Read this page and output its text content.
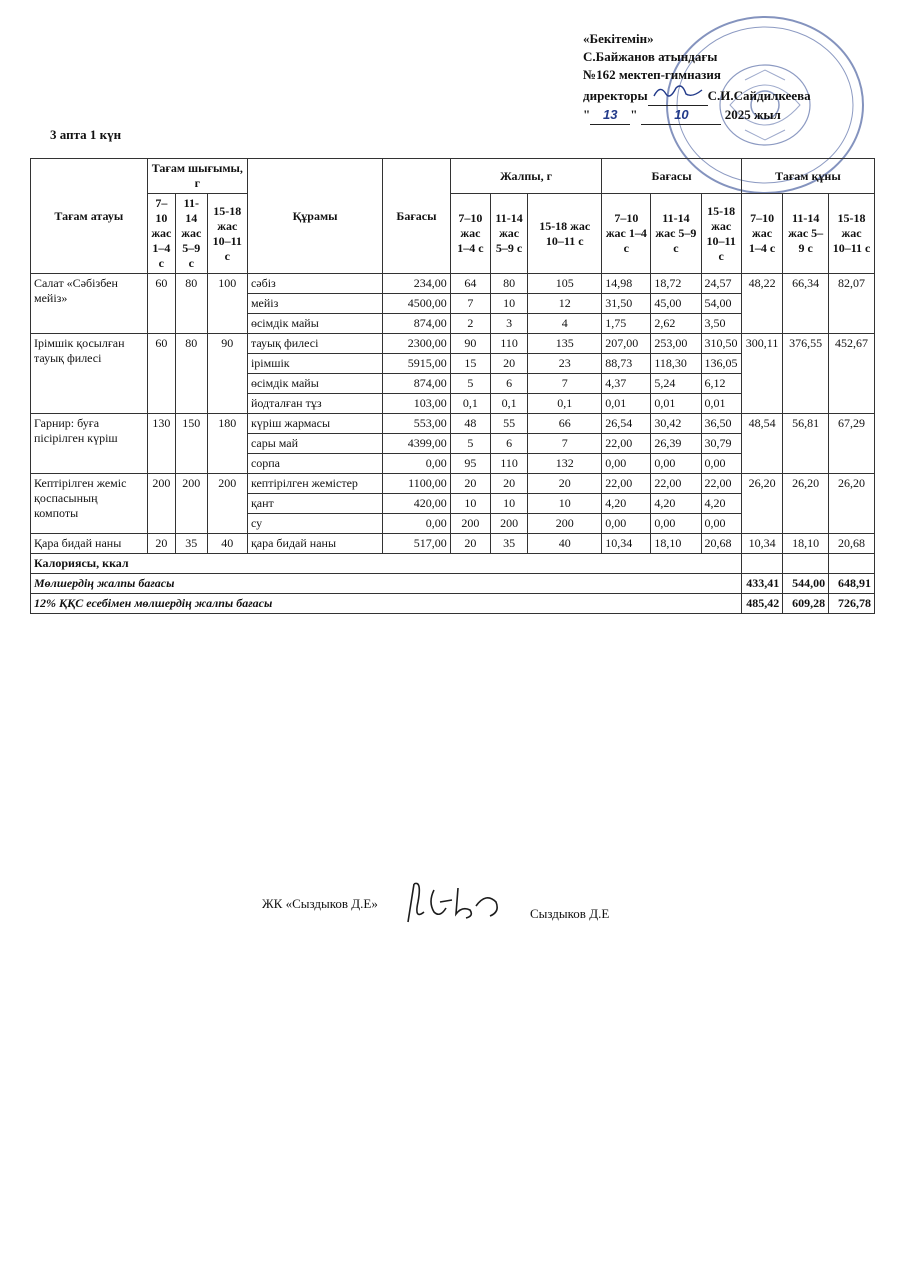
«Бекітемін»
С.Байжанов атындағы
№162 мектеп-гимназия
директоры	С.И.Сайдилкеева
" 13 "	10	2025 жыл
3 апта 1 күн
Тағам атауы	Тағам шығымы, г			Құрамы	Бағасы	Жалпы, г			Бағасы			Тағам құны		
	7–10 жас 1–4 с	11-14 жас 5–9 с	15-18 жас 10–11 с			7–10 жас 1–4 с	11-14 жас 5–9 с	15-18 жас 10–11 с	7–10 жас 1–4 с	11-14 жас 5–9 с	15-18 жас 10–11 с	7–10 жас 1–4 с	11-14 жас 5–9 с	15-18 жас 10–11 с
Салат «Сәбізбен мейіз»	60	80	100	сәбіз	234,00	64	80	105	14,98	18,72	24,57	48,22	66,34	82,07
				мейіз	4500,00	7	10	12	31,50	45,00	54,00			
				өсімдік майы	874,00	2	3	4	1,75	2,62	3,50			
Ірімшік қосылған тауық филесі	60	80	90	тауық филесі	2300,00	90	110	135	207,00	253,00	310,50	300,11	376,55	452,67
				ірімшік	5915,00	15	20	23	88,73	118,30	136,05			
				өсімдік майы	874,00	5	6	7	4,37	5,24	6,12			
				йодталған тұз	103,00	0,1	0,1	0,1	0,01	0,01	0,01			
Гарнир: буға пісірілген күріш	130	150	180	күріш жармасы	553,00	48	55	66	26,54	30,42	36,50	48,54	56,81	67,29
				сары май	4399,00	5	6	7	22,00	26,39	30,79			
				сорпа	0,00	95	110	132	0,00	0,00	0,00			
Кептірілген жеміс қоспасының компоты	200	200	200	кептірілген жемістер	1100,00	20	20	20	22,00	22,00	22,00	26,20	26,20	26,20
				қант	420,00	10	10	10	4,20	4,20	4,20			
				су	0,00	200	200	200	0,00	0,00	0,00			
Қара бидай наны	20	35	40	қара бидай наны	517,00	20	35	40	10,34	18,10	20,68	10,34	18,10	20,68
Калориясы, ккал														
Мөлшердің жалпы бағасы												433,41	544,00	648,91
12% ҚҚС есебімен мөлшердің жалпы бағасы												485,42	609,28	726,78
ЖК «Сыздыков Д.Е»
Сыздыков Д.Е
